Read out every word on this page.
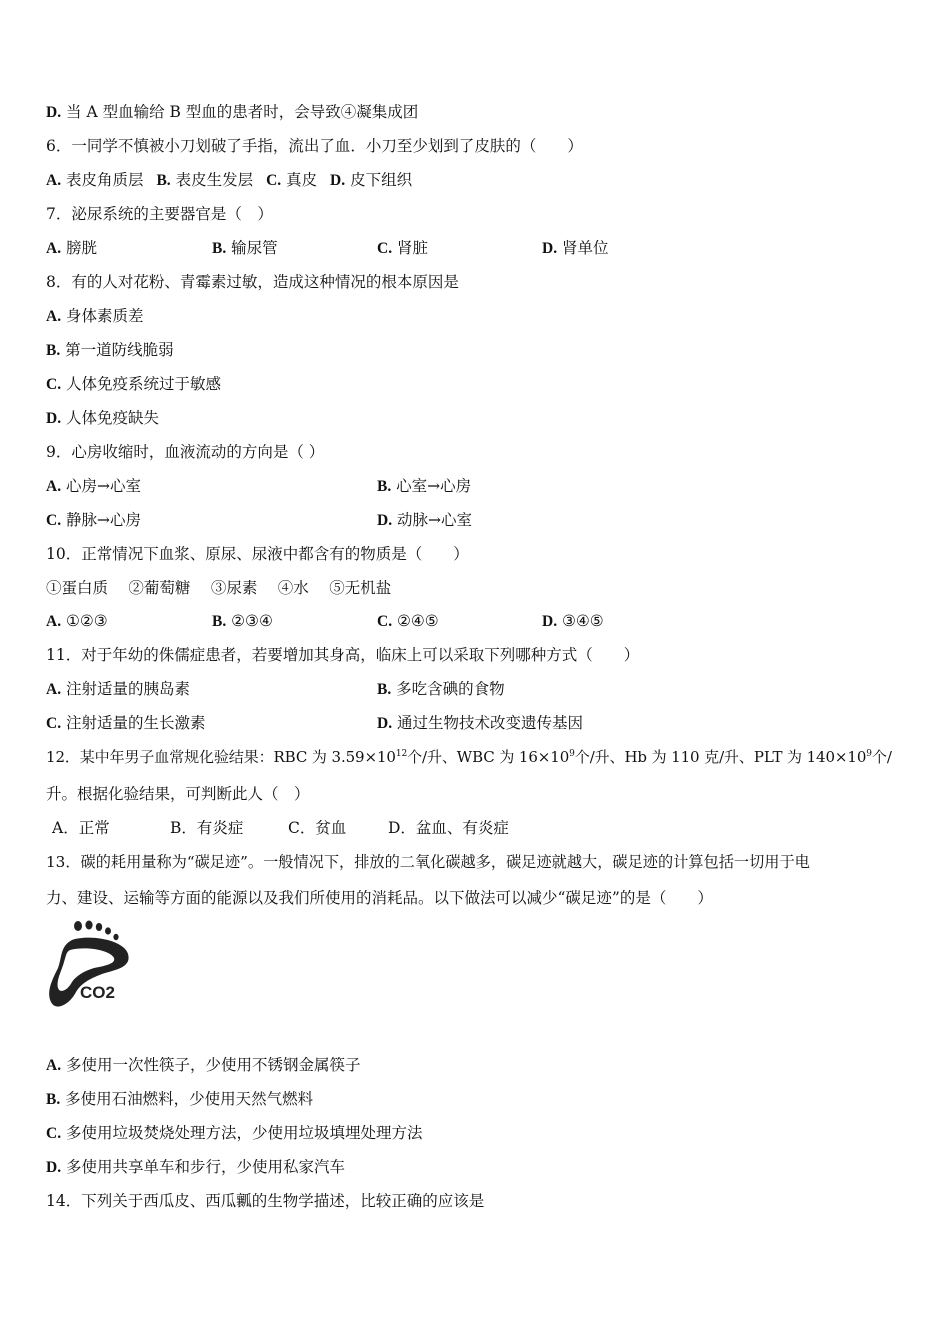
D. 当 A 型血输给 B 型血的患者时，会导致④凝集成团
6．一同学不慎被小刀划破了手指，流出了血．小刀至少划到了皮肤的（　　）
A. 表皮角质层 B. 表皮生发层 C. 真皮 D. 皮下组织
7．泌尿系统的主要器官是（　）
A. 膀胱	B. 输尿管	C. 肾脏	D. 肾单位
8．有的人对花粉、青霉素过敏，造成这种情况的根本原因是
A. 身体素质差
B. 第一道防线脆弱
C. 人体免疫系统过于敏感
D. 人体免疫缺失
9．心房收缩时，血液流动的方向是（ ）
A. 心房→心室	B. 心室→心房
C. 静脉→心房	D. 动脉→心室
10．正常情况下血浆、原尿、尿液中都含有的物质是（　　）
①蛋白质　 ②葡萄糖　 ③尿素　 ④水　 ⑤无机盐
A. ①②③	B. ②③④	C. ②④⑤	D. ③④⑤
11．对于年幼的侏儒症患者，若要增加其身高，临床上可以采取下列哪种方式（　　）
A. 注射适量的胰岛素	B. 多吃含碘的食物
C. 注射适量的生长激素	D. 通过生物技术改变遗传基因
12．某中年男子血常规化验结果：RBC 为 $3.59\times 10^{12}$个/升、WBC 为 $16\times 10^9$个/升、Hb 为 110 克/升、PLT 为 $140\times 10^9$个/
升。根据化验结果，可判断此人（　）
A．正常	B．有炎症	C．贫血	D．盆血、有炎症
13．碳的耗用量称为“碳足迹”。一般情况下，排放的二氧化碳越多，碳足迹就越大，碳足迹的计算包括一切用于电
力、建设、运输等方面的能源以及我们所使用的消耗品。以下做法可以减少“碳足迹”的是（　　）
CO2
A. 多使用一次性筷子，少使用不锈钢金属筷子
B. 多使用石油燃料，少使用天然气燃料
C. 多使用垃圾焚烧处理方法，少使用垃圾填埋处理方法
D. 多使用共享单车和步行，少使用私家汽车
14．下列关于西瓜皮、西瓜瓤的生物学描述，比较正确的应该是
